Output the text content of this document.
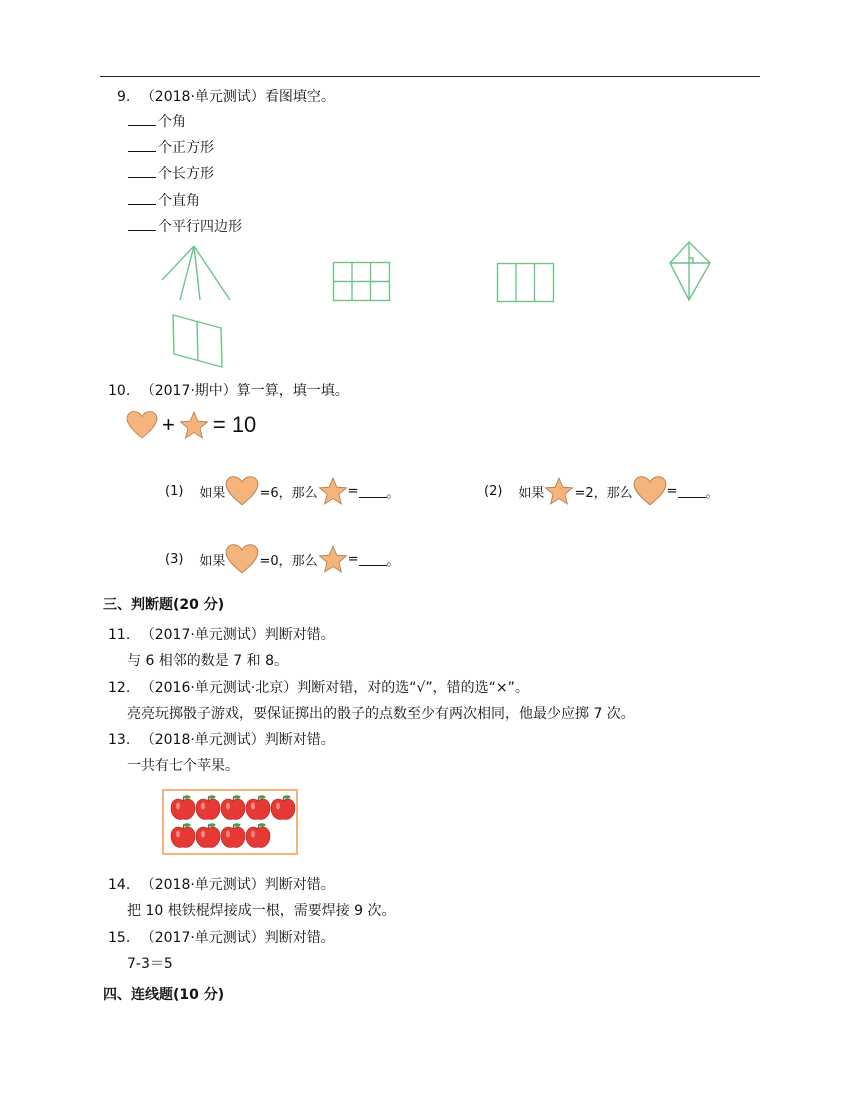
9. （2018·单元测试）看图填空。
个角
个正方形
个长方形
个直角
个平行四边形
10. （2017·期中）算一算，填一填。
+ = 10
(1) 如果	=6，那么 = 。	(2) 如果 =2，那么	= 。
(3) 如果	=0，那么 = 。
三、判断题(20 分)
11. （2017·单元测试）判断对错。
与 6 相邻的数是 7 和 8。
12. （2016·单元测试·北京）判断对错，对的选“√”，错的选“×”。
亮亮玩掷骰子游戏，要保证掷出的骰子的点数至少有两次相同，他最少应掷 7 次。
13. （2018·单元测试）判断对错。
一共有七个苹果。
14. （2018·单元测试）判断对错。
把 10 根铁棍焊接成一根，需要焊接 9 次。
15. （2017·单元测试）判断对错。
7-3＝5
四、连线题(10 分)
